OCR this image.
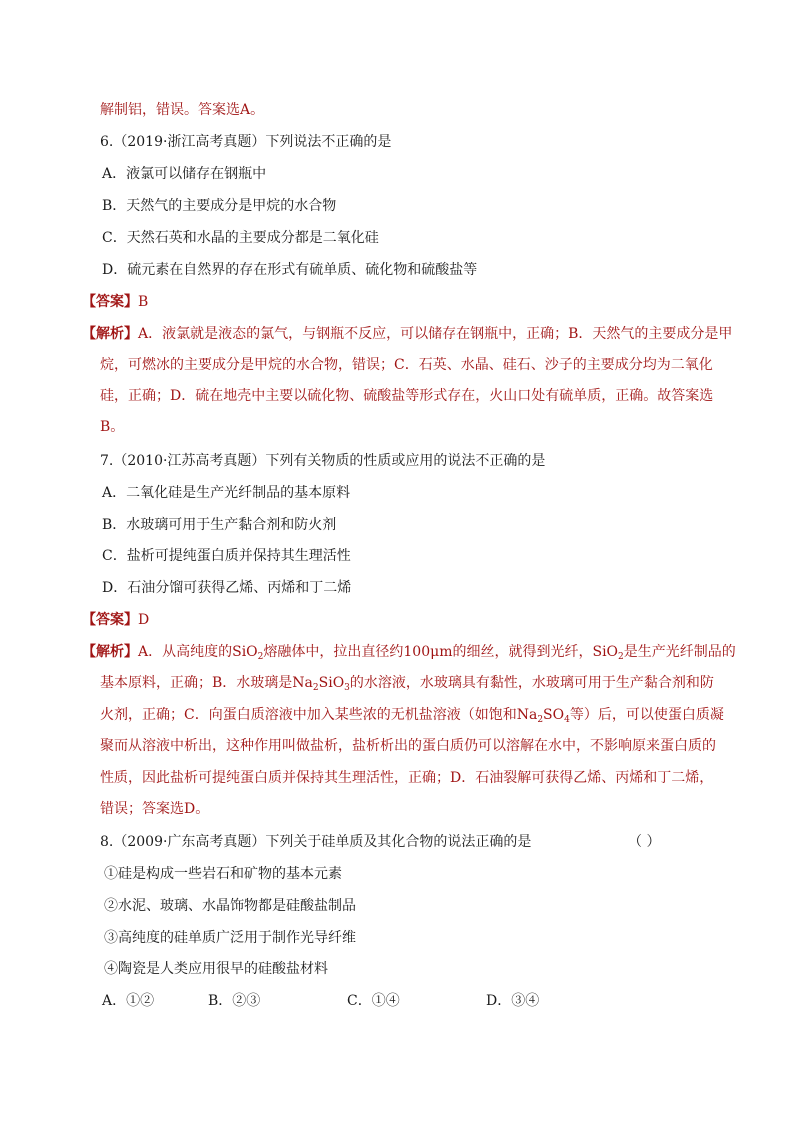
解制铝，错误。答案选A。
6.（2019·浙江高考真题）下列说法不正确的是
A．液氯可以储存在钢瓶中
B．天然气的主要成分是甲烷的水合物
C．天然石英和水晶的主要成分都是二氧化硅
D．硫元素在自然界的存在形式有硫单质、硫化物和硫酸盐等
【答案】B
【解析】A．液氯就是液态的氯气，与钢瓶不反应，可以储存在钢瓶中，正确；B．天然气的主要成分是甲
烷，可燃冰的主要成分是甲烷的水合物，错误；C．石英、水晶、硅石、沙子的主要成分均为二氧化
硅，正确；D．硫在地壳中主要以硫化物、硫酸盐等形式存在，火山口处有硫单质，正确。故答案选
B。
7.（2010·江苏高考真题）下列有关物质的性质或应用的说法不正确的是
A．二氧化硅是生产光纤制品的基本原料
B．水玻璃可用于生产黏合剂和防火剂
C．盐析可提纯蛋白质并保持其生理活性
D．石油分馏可获得乙烯、丙烯和丁二烯
【答案】D
【解析】A．从高纯度的SiO$_2$熔融体中，拉出直径约100μm的细丝，就得到光纤，SiO$_2$是生产光纤制品的
基本原料，正确；B．水玻璃是$Na_2SiO_3$的水溶液，水玻璃具有黏性，水玻璃可用于生产黏合剂和防
火剂，正确；C．向蛋白质溶液中加入某些浓的无机盐溶液（如饱和$Na_2SO_4$等）后，可以使蛋白质凝
聚而从溶液中析出，这种作用叫做盐析，盐析析出的蛋白质仍可以溶解在水中，不影响原来蛋白质的
性质，因此盐析可提纯蛋白质并保持其生理活性，正确；D．石油裂解可获得乙烯、丙烯和丁二烯，
错误；答案选D。
8.（2009·广东高考真题）下列关于硅单质及其化合物的说法正确的是	（ ）
①硅是构成一些岩石和矿物的基本元素
②水泥、玻璃、水晶饰物都是硅酸盐制品
③高纯度的硅单质广泛用于制作光导纤维
④陶瓷是人类应用很早的硅酸盐材料
A．①②	B．②③	C．①④	D．③④
